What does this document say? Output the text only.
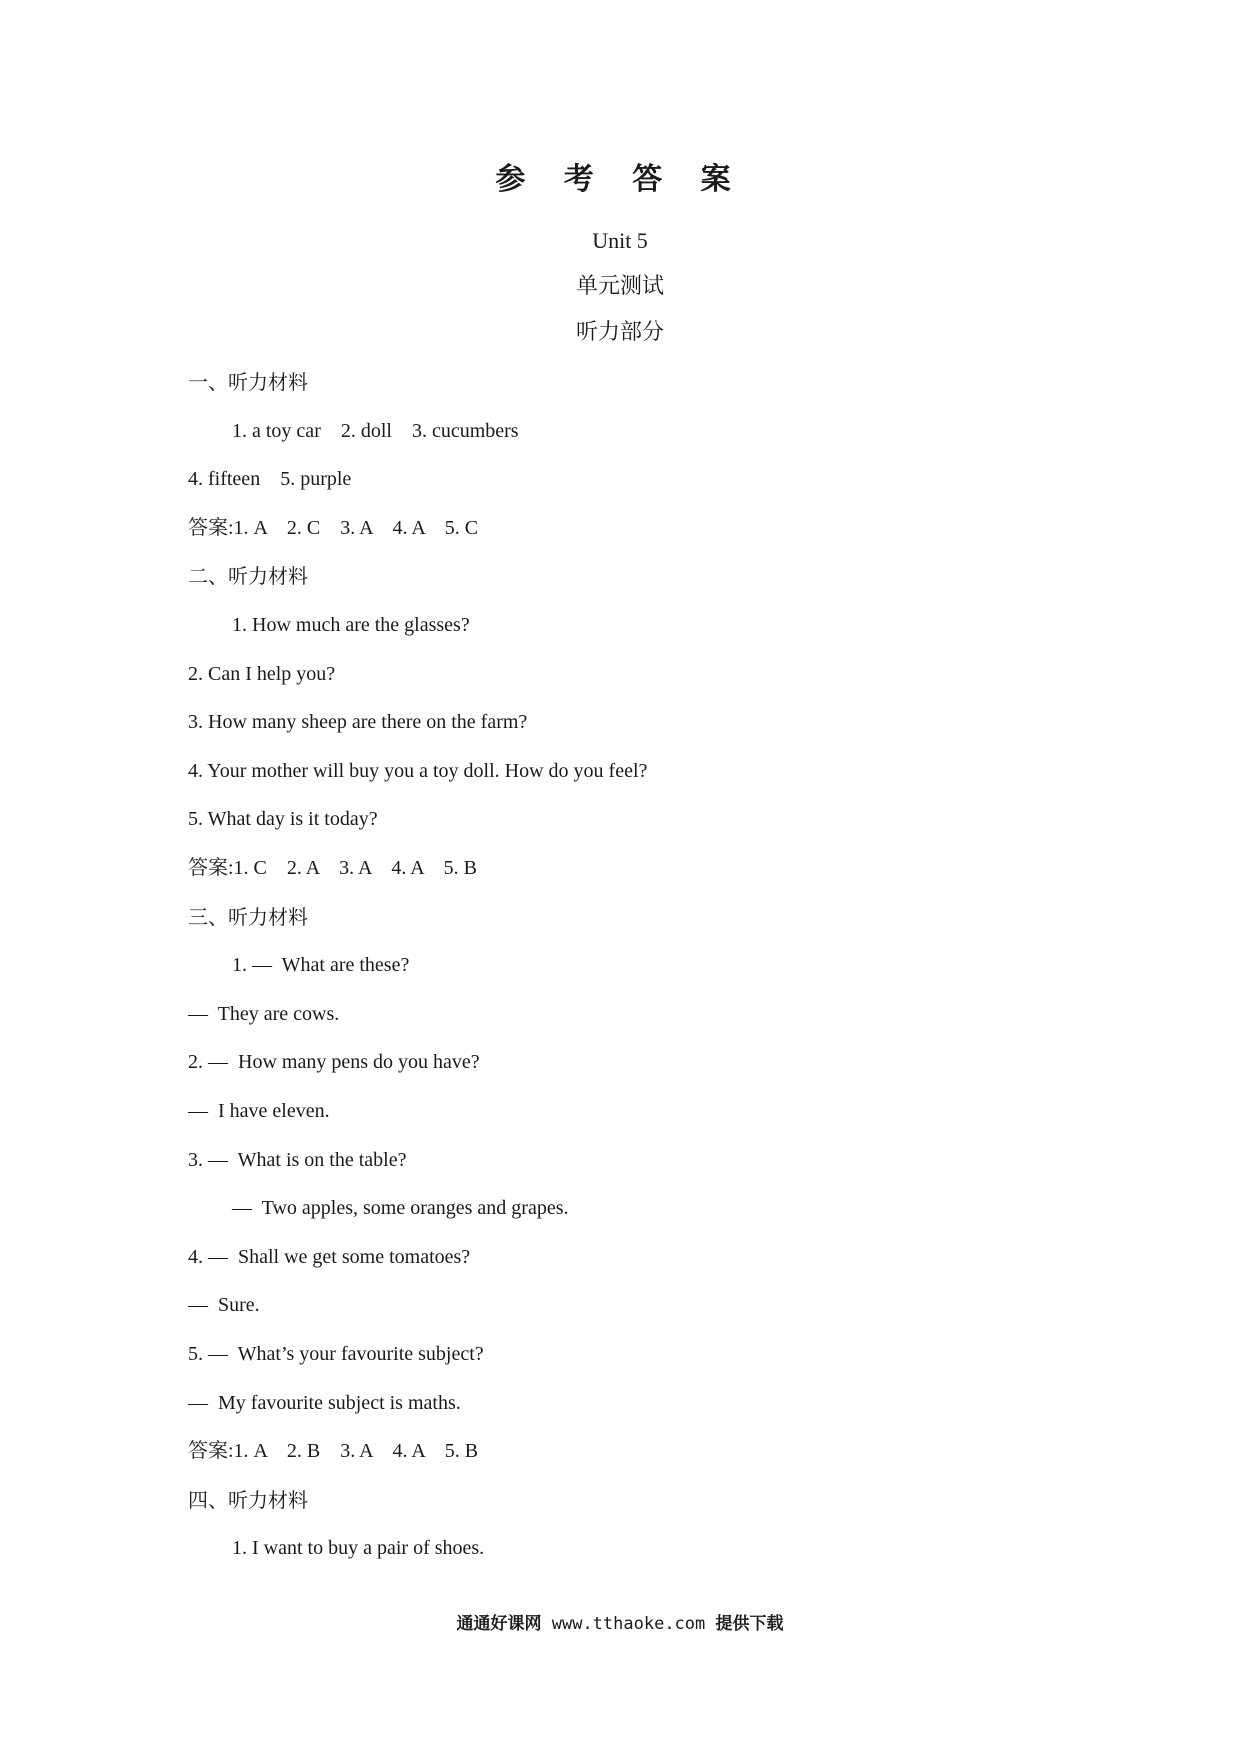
参 考 答 案
Unit 5
单元测试
听力部分
一、听力材料
1. a toy car    2. doll    3. cucumbers
4. fifteen    5. purple
答案:1. A    2. C    3. A    4. A    5. C
二、听力材料
1. How much are the glasses?
2. Can I help you?
3. How many sheep are there on the farm?
4. Your mother will buy you a toy doll. How do you feel?
5. What day is it today?
答案:1. C    2. A    3. A    4. A    5. B
三、听力材料
1. —  What are these?
—  They are cows.
2. —  How many pens do you have?
—  I have eleven.
3. —  What is on the table?
—  Two apples, some oranges and grapes.
4. —  Shall we get some tomatoes?
—  Sure.
5. —  What’s your favourite subject?
—  My favourite subject is maths.
答案:1. A    2. B    3. A    4. A    5. B
四、听力材料
1. I want to buy a pair of shoes.
通通好课网 www.tthaoke.com 提供下载
